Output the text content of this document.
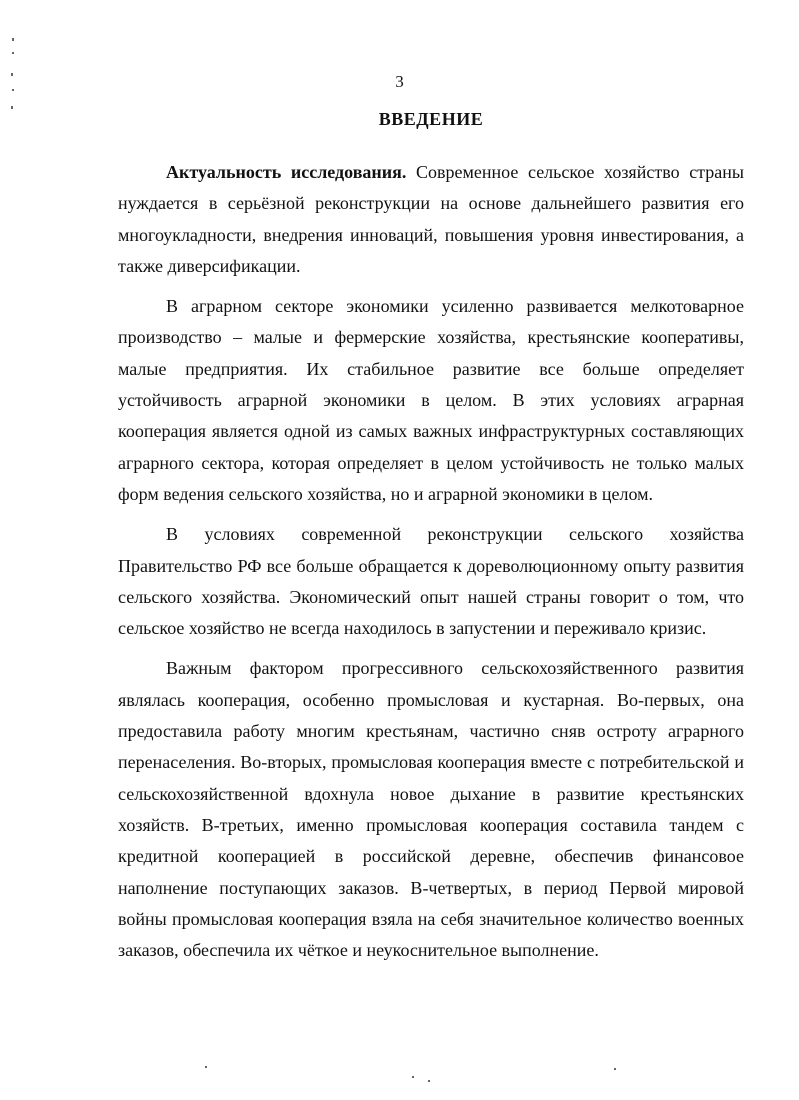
3
ВВЕДЕНИЕ

Актуальность исследования. Современное сельское хозяйство страны нуждается в серьёзной реконструкции на основе дальнейшего развития его многоукладности, внедрения инноваций, повышения уровня инвестирования, а также диверсификации.

В аграрном секторе экономики усиленно развивается мелкотоварное производство – малые и фермерские хозяйства, крестьянские кооперативы, малые предприятия. Их стабильное развитие все больше определяет устойчивость аграрной экономики в целом. В этих условиях аграрная кооперация является одной из самых важных инфраструктурных составляющих аграрного сектора, которая определяет в целом устойчивость не только малых форм ведения сельского хозяйства, но и аграрной экономики в целом.

В условиях современной реконструкции сельского хозяйства Правительство РФ все больше обращается к дореволюционному опыту развития сельского хозяйства. Экономический опыт нашей страны говорит о том, что сельское хозяйство не всегда находилось в запустении и переживало кризис.

Важным фактором прогрессивного сельскохозяйственного развития являлась кооперация, особенно промысловая и кустарная. Во-первых, она предоставила работу многим крестьянам, частично сняв остроту аграрного перенаселения. Во-вторых, промысловая кооперация вместе с потребительской и сельскохозяйственной вдохнула новое дыхание в развитие крестьянских хозяйств. В-третьих, именно промысловая кооперация составила тандем с кредитной кооперацией в российской деревне, обеспечив финансовое наполнение поступающих заказов. В-четвертых, в период Первой мировой войны промысловая кооперация взяла на себя значительное количество военных заказов, обеспечила их чёткое и неукоснительное выполнение.
